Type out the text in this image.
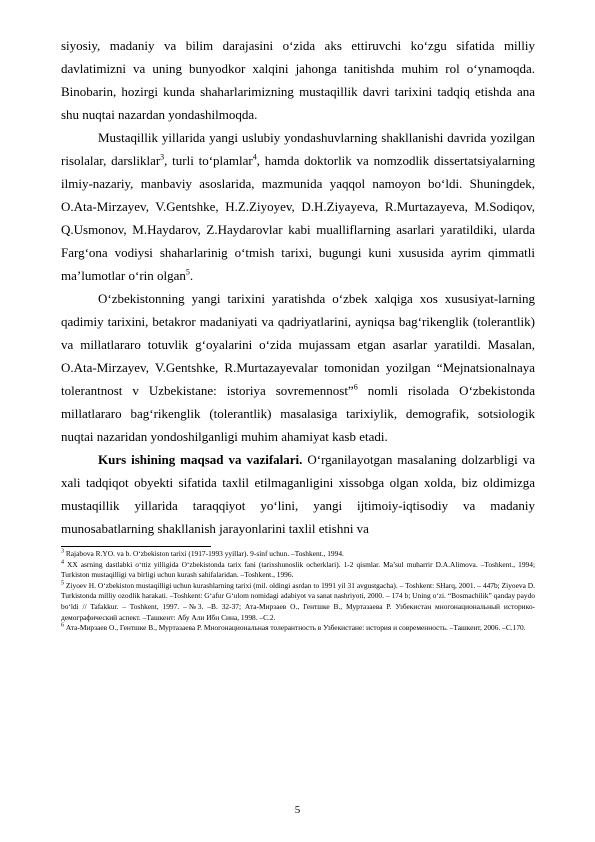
siyosiy, madaniy va bilim darajasini o‘zida aks ettiruvchi ko‘zgu sifatida milliy davlatimizni va uning bunyodkor xalqini jahonga tanitishda muhim rol o‘ynamoqda. Binobarin, hozirgi kunda shaharlarimizning mustaqillik davri tarixini tadqiq etishda ana shu nuqtai nazardan yondashilmoqda.

Mustaqillik yillarida yangi uslubiy yondashuvlarning shakllanishi davrida yozilgan risolalar, darsliklar$^3$, turli to‘plamlar$^4$, hamda doktorlik va nomzodlik dissertatsiyalarning ilmiy-nazariy, manbaviy asoslarida, mazmunida yaqqol namoyon bo‘ldi. Shuningdek, O.Ata-Mirzayev, V.Gentshke, H.Z.Ziyoyev, D.H.Ziyayeva, R.Murtazayeva, M.Sodiqov, Q.Usmonov, M.Haydarov, Z.Haydarovlar kabi mualliflarning asarlari yaratildiki, ularda Farg‘ona vodiysi shaharlarinig o‘tmish tarixi, bugungi kuni xususida ayrim qimmatli ma’lumotlar o‘rin olgan$^5$.

O‘zbekistonning yangi tarixini yaratishda o‘zbek xalqiga xos xususiyat-larning qadimiy tarixini, betakror madaniyati va qadriyatlarini, ayniqsa bag‘rikenglik (tolerantlik) va millatlararo totuvlik g‘oyalarini o‘zida mujassam etgan asarlar yaratildi. Masalan, O.Ata-Mirzayev, V.Gentshke, R.Murtazayevalar tomonidan yozilgan “Mejnatsionalnaya tolerantnost v Uzbekistane: istoriya sovremennost”$^6$ nomli risolada O‘zbekistonda millatlararo bag‘rikenglik (tolerantlik) masalasiga tarixiylik, demografik, sotsiologik nuqtai nazaridan yondoshilganligi muhim ahamiyat kasb etadi.

Kurs ishining maqsad va vazifalari. O‘rganilayotgan masalaning dolzarbligi va xali tadqiqot obyekti sifatida taxlil etilmaganligini xissobga olgan xolda, biz oldimizga mustaqillik yillarida taraqqiyot yo‘lini, yangi ijtimoiy-iqtisodiy va madaniy munosabatlarning shakllanish jarayonlarini taxlil etishni va

$^3$ Rajabova R.YO. va b. O‘zbekiston tarixi (1917-1993 yyillar). 9-sinf uchun. –Toshkent., 1994.

$^4$ XX asrning dastlabki o‘ttiz yilligida O‘zbekistonda tarix fani (tarixshunoslik ocherklari). 1-2 qismlar. Ma’sul muharrir D.A.Alimova. –Toshkent., 1994; Turkiston mustaqilligi va birligi uchun kurash sahifalaridan. –Toshkent., 1996.

$^5$ Ziyoev H. O‘zbekiston mustaqilligi uchun kurashlarning tarixi (mil. oldingi asrdan to 1991 yil 31 avgustgacha). – Toshkent: SHarq, 2001. – 447b; Ziyoeva D. Turkistonda milliy ozodlik harakati. –Toshkent: G‘afur G‘ulom nomidagi adabiyot va sanat nashriyoti, 2000. – 174 b; Uning o‘zi. “Bosmachilik” qanday paydo bo‘ldi // Tafakkur. – Toshkent, 1997. –№3. –B. 32-37; Ата-Мирзаев О., Гентшке В., Муртазаева Р. Узбекистан многонациональный историко-демографический аспект. –Ташкент: Абу Али Ибн Сина, 1998. –С.2.

$^6$ Ата-Мирзаев О., Гентшке В., Муртазаева Р. Многонациональная толерантность в Узбекистане: история и современность. –Ташкент, 2006. –С.170.

5
